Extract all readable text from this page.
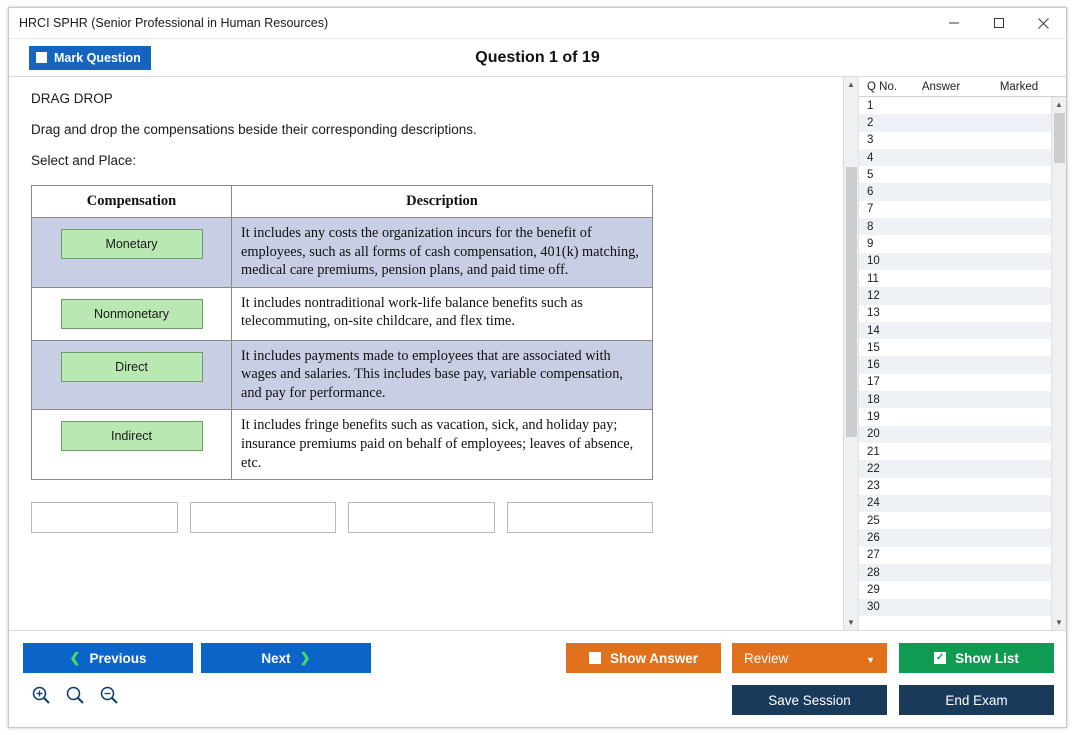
HRCI SPHR (Senior Professional in Human Resources)
Mark Question	Question 1 of 19
DRAG DROP
Drag and drop the compensations beside their corresponding descriptions.
Select and Place:
Compensation	Description
Monetary	It includes any costs the organization incurs for the benefit of employees, such as all forms of cash compensation, 401(k) matching, medical care premiums, pension plans, and paid time off.
Nonmonetary	It includes nontraditional work-life balance benefits such as telecommuting, on-site childcare, and flex time.
Direct	It includes payments made to employees that are associated with wages and salaries. This includes base pay, variable compensation, and pay for performance.
Indirect	It includes fringe benefits such as vacation, sick, and holiday pay; insurance premiums paid on behalf of employees; leaves of absence, etc.
▲
▼
Q No.	Answer	Marked
1
2
3
4
5
6
7
8
9
10
11
12
13
14
15
16
17
18
19
20
21
22
23
24
25
26
27
28
29
30
▲
▼
❮ Previous	Next ❯	Show Answer	Review	▼	✓ Show List
Save Session	End Exam
